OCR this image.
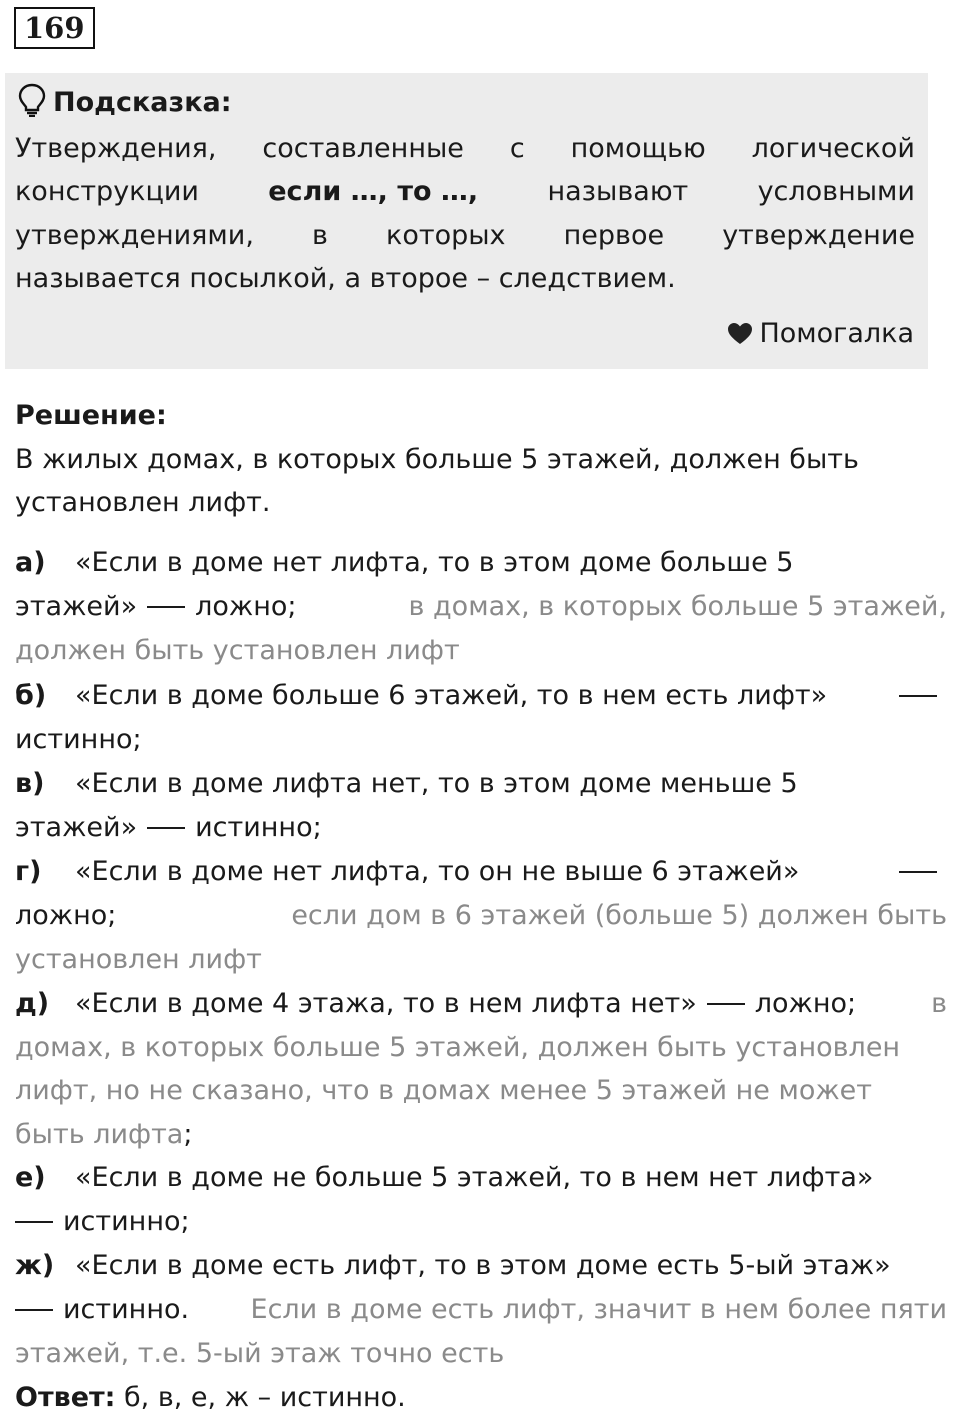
169
Подсказка:
Утверждения, составленные с помощью логической
конструкции	если …, то …,	называют	условными
утверждениями, в которых первое утверждение
называется посылкой, а второе – следствием.
Помогалка
Решение:
В жилых домах, в которых больше 5 этажей, должен быть
установлен лифт.
а) «Если в доме нет лифта, то в этом доме больше 5
этажей» ложно;	в домах, в которых больше 5 этажей,
должен быть установлен лифт
б) «Если в доме больше 6 этажей, то в нем есть лифт»
истинно;
в) «Если в доме лифта нет, то в этом доме меньше 5
этажей» истинно;
г) «Если в доме нет лифта, то он не выше 6 этажей»
ложно;	если дом в 6 этажей (больше 5) должен быть
установлен лифт
д) «Если в доме 4 этажа, то в нем лифта нет» ложно;	в
домах, в которых больше 5 этажей, должен быть установлен
лифт, но не сказано, что в домах менее 5 этажей не может
быть лифта;
е) «Если в доме не больше 5 этажей, то в нем нет лифта»
истинно;
ж) «Если в доме есть лифт, то в этом доме есть 5-ый этаж»
истинно. Если в доме есть лифт, значит в нем более пяти
этажей, т.е. 5-ый этаж точно есть
Ответ: б, в, е, ж – истинно.
